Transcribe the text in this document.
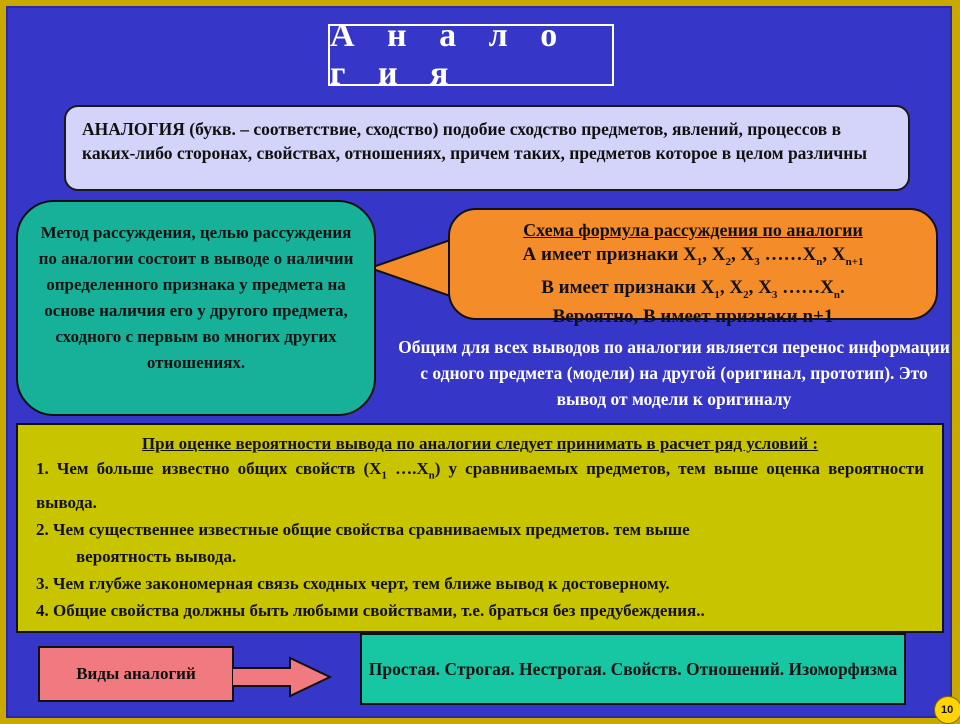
А н а л о г и я
АНАЛОГИЯ (букв. – соответствие, сходство) подобие сходство предметов, явлений, процессов в каких-либо сторонах, свойствах, отношениях, причем таких, предметов которое в целом различны
Метод рассуждения, целью рассуждения по аналогии состоит в выводе о наличии определенного признака у предмета на основе наличия его у другого предмета, сходного с первым во многих других отношениях.
Схема формула рассуждения по аналогии
А имеет признаки $Х_1$, $Х_2$, $Х_3$ $\dots\dots Х_n$, $Х_{n+1}$
В имеет признаки $Х_1$, $Х_2$, $Х_3$ $\dots\dots Х_n$.
Вероятно, В имеет признаки n+1
Общим для всех выводов по аналогии является перенос информации с одного предмета (модели) на другой (оригинал, прототип). Это вывод от модели к оригиналу
При оценке вероятности вывода по аналогии следует принимать в расчет ряд условий :
1. Чем больше известно общих свойств ($Х_1$ $\dots.Х_n$) у сравниваемых предметов, тем выше оценка вероятности вывода.
2. Чем существеннее известные общие свойства сравниваемых предметов. тем выше
вероятность вывода.
3. Чем глубже закономерная связь сходных черт, тем ближе вывод к достоверному.
4. Общие свойства должны быть любыми свойствами, т.е. браться без предубеждения..
Виды аналогий	Простая. Строгая. Нестрогая. Свойств. Отношений. Изоморфизма
10
